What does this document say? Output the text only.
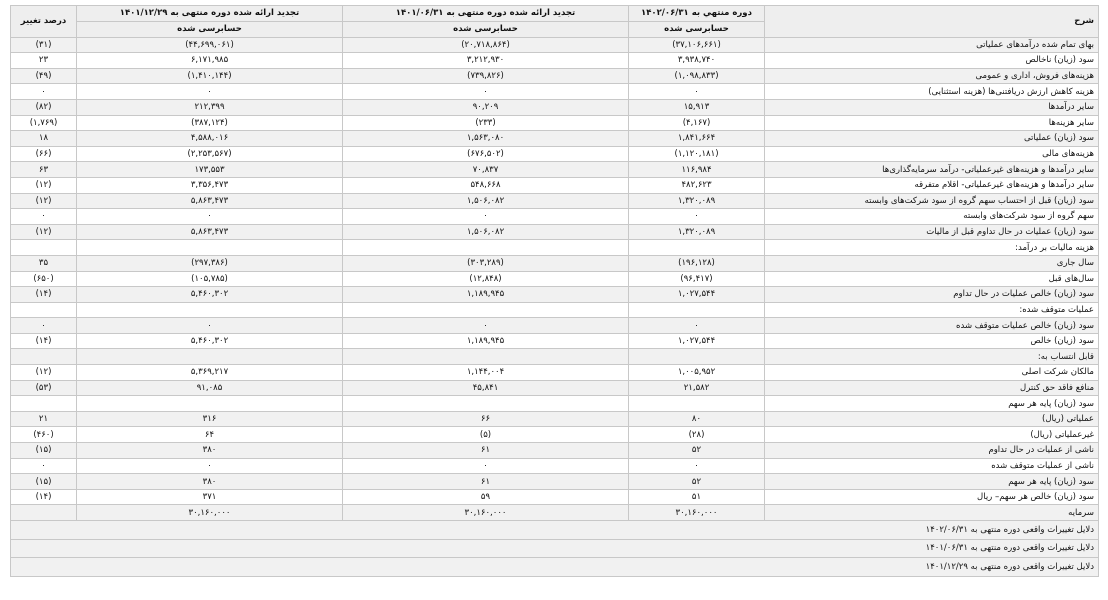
شرح	دوره منتهي به ۱۴۰۲/۰۶/۳۱	تجدید ارائه شده دوره منتهی به ۱۴۰۱/۰۶/۳۱	تجدید ارائه شده دوره منتهی به ۱۴۰۱/۱۲/۲۹	درصد تغییر
	حسابرسی شده	حسابرسی شده	حسابرسی شده	
بهاى تمام شده درآمدهای عملیاتی	(۳۷,۱۰۶,۶۶۱)	(۲۰,۷۱۸,۸۶۴)	(۴۴,۶۹۹,۰۶۱)	(۳۱)
سود (زيان) ناخالص	۳,۹۳۸,۷۴۰	۳,۲۱۲,۹۳۰	۶,۱۷۱,۹۸۵	۲۳
هزینه‌های فروش، اداری و عمومی	(۱,۰۹۸,۸۳۳)	(۷۳۹,۸۲۶)	(۱,۴۱۰,۱۴۴)	(۴۹)
هزینه کاهش ارزش دريافتنی‌ها (هزينه استثنايی)	۰	۰	۰	۰
سایر درآمدها	۱۵,۹۱۳	۹۰,۲۰۹	۲۱۲,۳۹۹	(۸۲)
سایر هزینه‌ها	(۴,۱۶۷)	(۲۳۳)	(۳۸۷,۱۲۴)	(۱,۷۶۹)
سود (زيان) عملياتى	۱,۸۴۱,۶۶۴	۱,۵۶۳,۰۸۰	۴,۵۸۸,۰۱۶	۱۸
هزینه‌های مالی	(۱,۱۲۰,۱۸۱)	(۶۷۶,۵۰۲)	(۲,۲۵۳,۵۶۷)	(۶۶)
سایر درآمدها و هزینه‌های غیرعملیاتی- درآمد سرمایه‌گذاری‌ها	۱۱۶,۹۸۴	۷۰,۸۳۷	۱۷۳,۵۵۳	۶۳
سایر درآمدها و هزینه‌های غیرعملیاتی- اقلام متفرقه	۴۸۲,۶۲۳	۵۴۸,۶۶۸	۳,۳۵۶,۴۷۳	(۱۲)
سود (زيان) قبل از احتساب سهم گروه از سود شرکت‌های وابسته	۱,۳۲۰,۰۸۹	۱,۵۰۶,۰۸۲	۵,۸۶۳,۴۷۳	(۱۲)
سهم گروه از سود شرکت‌های وابسته	۰	۰	۰	۰
سود (زيان) عملیات در حال تداوم قبل از ماليات	۱,۳۲۰,۰۸۹	۱,۵۰۶,۰۸۲	۵,۸۶۳,۴۷۳	(۱۲)
هزینه ماليات بر درآمد:				
سال جاری	(۱۹۶,۱۲۸)	(۳۰۳,۲۸۹)	(۲۹۷,۳۸۶)	۳۵
سال‌های قبل	(۹۶,۴۱۷)	(۱۲,۸۴۸)	(۱۰۵,۷۸۵)	(۶۵۰)
سود (زيان) خالص عمليات در حال تداوم	۱,۰۲۷,۵۴۴	۱,۱۸۹,۹۴۵	۵,۴۶۰,۳۰۲	(۱۴)
عمليات متوقف شده:				
سود (زيان) خالص عمليات متوقف شده	۰	۰	۰	۰
سود (زيان) خالص	۱,۰۲۷,۵۴۴	۱,۱۸۹,۹۴۵	۵,۴۶۰,۳۰۲	(۱۴)
قابل انتساب به:				
مالکان شرکت اصلی	۱,۰۰۵,۹۵۲	۱,۱۴۴,۰۰۴	۵,۳۶۹,۲۱۷	(۱۲)
منافع فاقد حق کنترل	۲۱,۵۸۲	۴۵,۸۴۱	۹۱,۰۸۵	(۵۳)
سود (زيان) پایه هر سهم				
عملیاتی (ريال)	۸۰	۶۶	۳۱۶	۲۱
غيرعملیاتی (ريال)	(۲۸)	(۵)	۶۴	(۴۶۰)
ناشی از عمليات در حال تداوم	۵۲	۶۱	۳۸۰	(۱۵)
ناشی از عمليات متوقف شده	۰	۰	۰	۰
سود (زيان) پایه هر سهم	۵۲	۶۱	۳۸۰	(۱۵)
سود (زيان) خالص هر سهم– ريال	۵۱	۵۹	۳۷۱	(۱۴)
سرمايه	۳۰,۱۶۰,۰۰۰	۳۰,۱۶۰,۰۰۰	۳۰,۱۶۰,۰۰۰	
دلایل تغییرات واقعی دوره منتهی به ۱۴۰۲/۰۶/۳۱				
دلایل تغییرات واقعی دوره منتهی به ۱۴۰۱/۰۶/۳۱				
دلایل تغییرات واقعی دوره منتهی به ۱۴۰۱/۱۲/۲۹				
